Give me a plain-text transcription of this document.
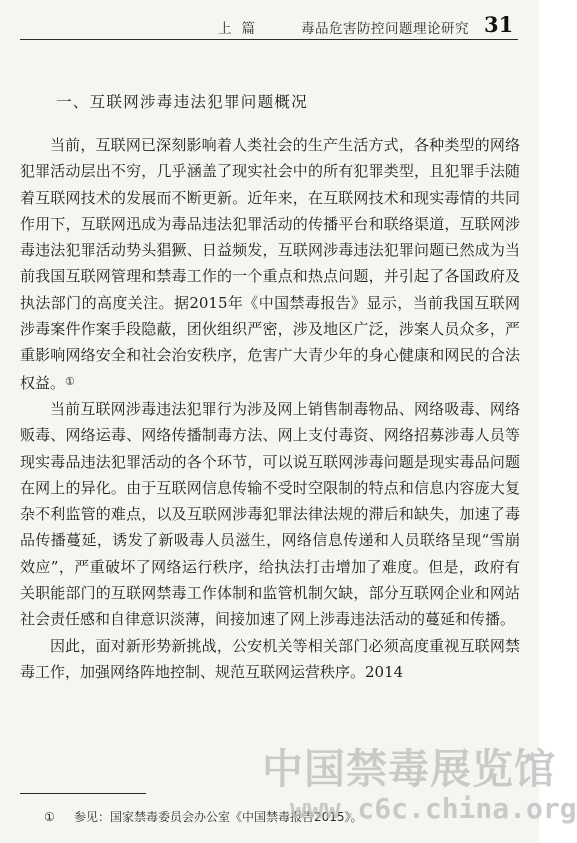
上篇	毒品危害防控问题理论研究 31
一、互联网涉毒违法犯罪问题概况

当前，互联网已深刻影响着人类社会的生产生活方式，各种类型的网络犯罪活动层出不穷，几乎涵盖了现实社会中的所有犯罪类型，且犯罪手法随着互联网技术的发展而不断更新。近年来，在互联网技术和现实毒情的共同作用下，互联网迅成为毒品违法犯罪活动的传播平台和联络渠道，互联网涉毒违法犯罪活动势头猖獗、日益频发，互联网涉毒违法犯罪问题已然成为当前我国互联网管理和禁毒工作的一个重点和热点问题，并引起了各国政府及执法部门的高度关注。据2015年《中国禁毒报告》显示，当前我国互联网涉毒案件作案手段隐蔽，团伙组织严密，涉及地区广泛，涉案人员众多，严重影响网络安全和社会治安秩序，危害广大青少年的身心健康和网民的合法权益。①

当前互联网涉毒违法犯罪行为涉及网上销售制毒物品、网络吸毒、网络贩毒、网络运毒、网络传播制毒方法、网上支付毒资、网络招募涉毒人员等现实毒品违法犯罪活动的各个环节，可以说互联网涉毒问题是现实毒品问题在网上的异化。由于互联网信息传输不受时空限制的特点和信息内容庞大复杂不利监管的难点，以及互联网涉毒犯罪法律法规的滞后和缺失，加速了毒品传播蔓延，诱发了新吸毒人员滋生，网络信息传递和人员联络呈现“雪崩效应”，严重破坏了网络运行秩序，给执法打击增加了难度。但是，政府有关职能部门的互联网禁毒工作体制和监管机制欠缺，部分互联网企业和网站社会责任感和自律意识淡薄，间接加速了网上涉毒违法活动的蔓延和传播。

因此，面对新形势新挑战，公安机关等相关部门必须高度重视互联网禁毒工作，加强网络阵地控制、规范互联网运营秩序。2014

① 参见：国家禁毒委员会办公室《中国禁毒报告2015》。
中国禁毒展览馆
www.c6c.china.org
